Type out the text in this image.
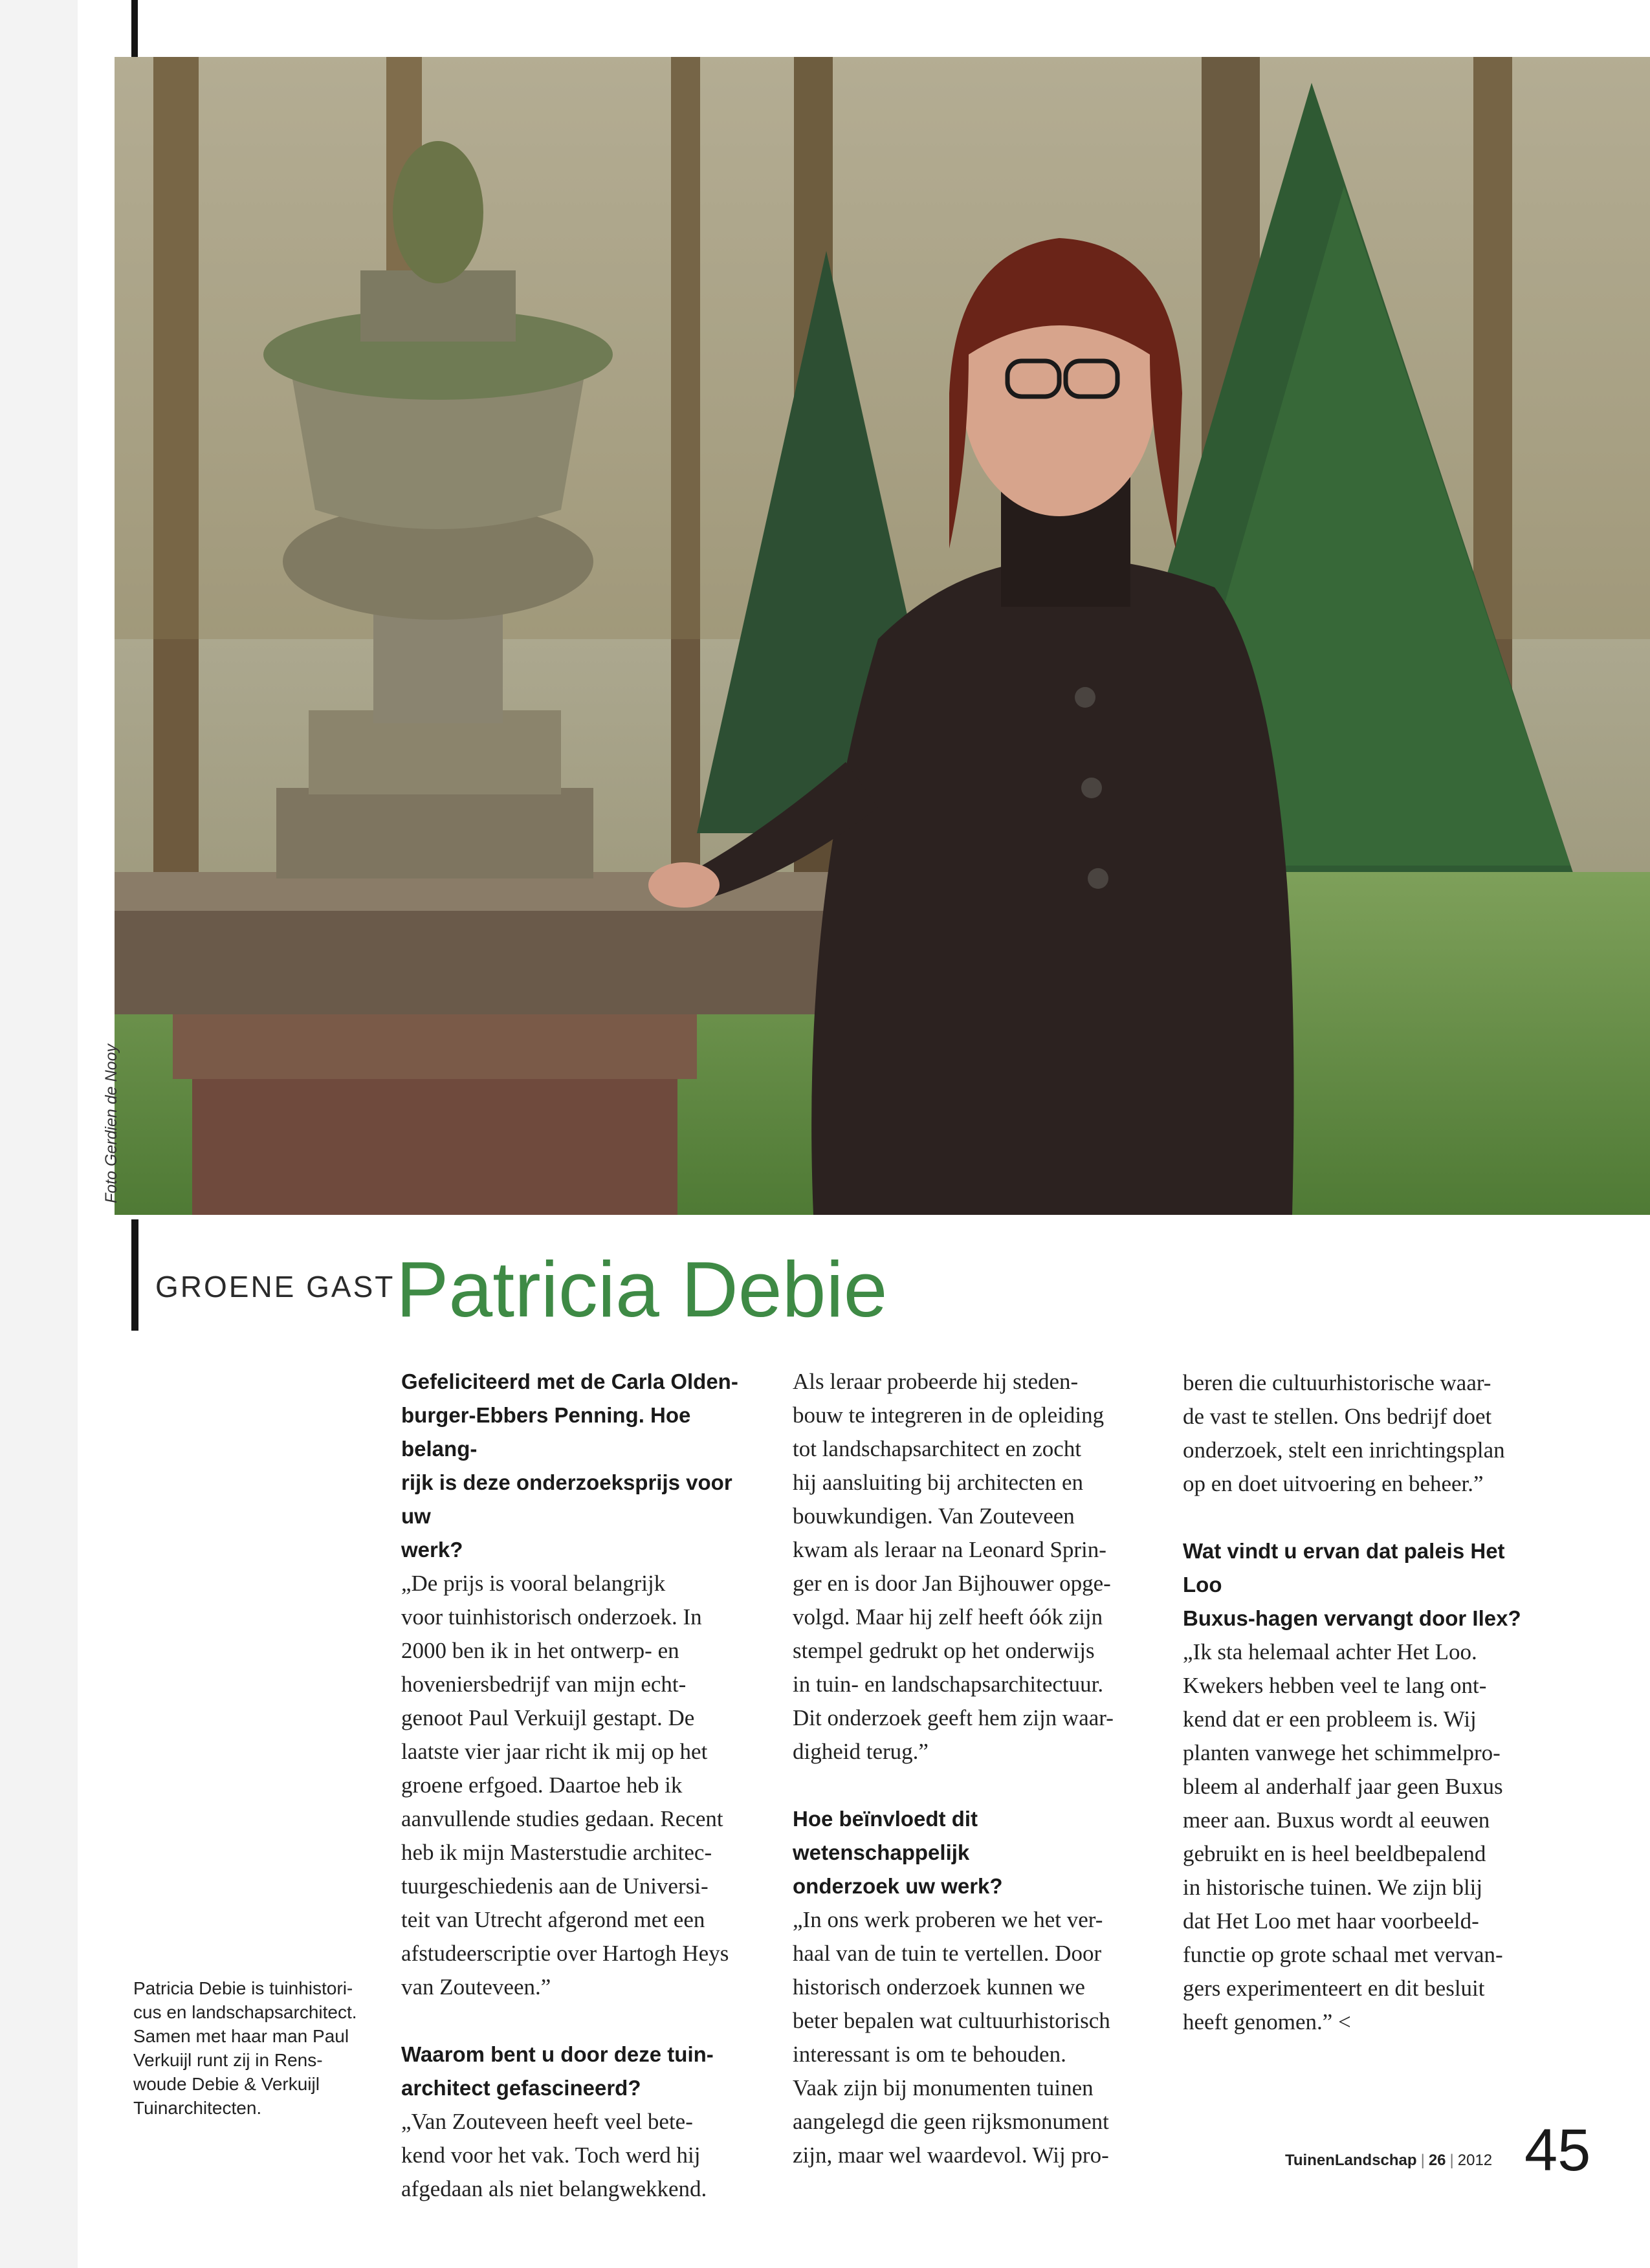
Foto Gerdien de Nooy
GROENE GAST Patricia Debie

Gefeliciteerd met de Carla Olden-
burger-Ebbers Penning. Hoe belang-
rijk is deze onderzoeksprijs voor uw
werk?

„De prijs is vooral belangrijk
voor tuinhistorisch onderzoek. In
2000 ben ik in het ontwerp- en
hoveniersbedrijf van mijn echt-
genoot Paul Verkuijl gestapt. De
laatste vier jaar richt ik mij op het
groene erfgoed. Daartoe heb ik
aanvullende studies gedaan. Recent
heb ik mijn Masterstudie architec-
tuurgeschiedenis aan de Universi-
teit van Utrecht afgerond met een
afstudeerscriptie over Hartogh Heys
van Zouteveen.”

Waarom bent u door deze tuin-
architect gefascineerd?

„Van Zouteveen heeft veel bete-
kend voor het vak. Toch werd hij
afgedaan als niet belangwekkend.

Als leraar probeerde hij steden-
bouw te integreren in de opleiding
tot landschapsarchitect en zocht
hij aansluiting bij architecten en
bouwkundigen. Van Zouteveen
kwam als leraar na Leonard Sprin-
ger en is door Jan Bijhouwer opge-
volgd. Maar hij zelf heeft óók zijn
stempel gedrukt op het onderwijs
in tuin- en landschapsarchitectuur.
Dit onderzoek geeft hem zijn waar-
digheid terug.”

Hoe beïnvloedt dit wetenschappelijk
onderzoek uw werk?

„In ons werk proberen we het ver-
haal van de tuin te vertellen. Door
historisch onderzoek kunnen we
beter bepalen wat cultuurhistorisch
interessant is om te behouden.
Vaak zijn bij monumenten tuinen
aangelegd die geen rijksmonument
zijn, maar wel waardevol. Wij pro-

beren die cultuurhistorische waar-
de vast te stellen. Ons bedrijf doet
onderzoek, stelt een inrichtingsplan
op en doet uitvoering en beheer.”

Wat vindt u ervan dat paleis Het Loo
Buxus-hagen vervangt door Ilex?

„Ik sta helemaal achter Het Loo.
Kwekers hebben veel te lang ont-
kend dat er een probleem is. Wij
planten vanwege het schimmelpro-
bleem al anderhalf jaar geen Buxus
meer aan. Buxus wordt al eeuwen
gebruikt en is heel beeldbepalend
in historische tuinen. We zijn blij
dat Het Loo met haar voorbeeld-
functie op grote schaal met vervan-
gers experimenteert en dit besluit
heeft genomen.” <

Patricia Debie is tuinhistori-
cus en landschapsarchitect.
Samen met haar man Paul
Verkuijl runt zij in Rens-
woude Debie & Verkuijl
Tuinarchitecten.

TuinenLandschap | 26 | 2012 45
